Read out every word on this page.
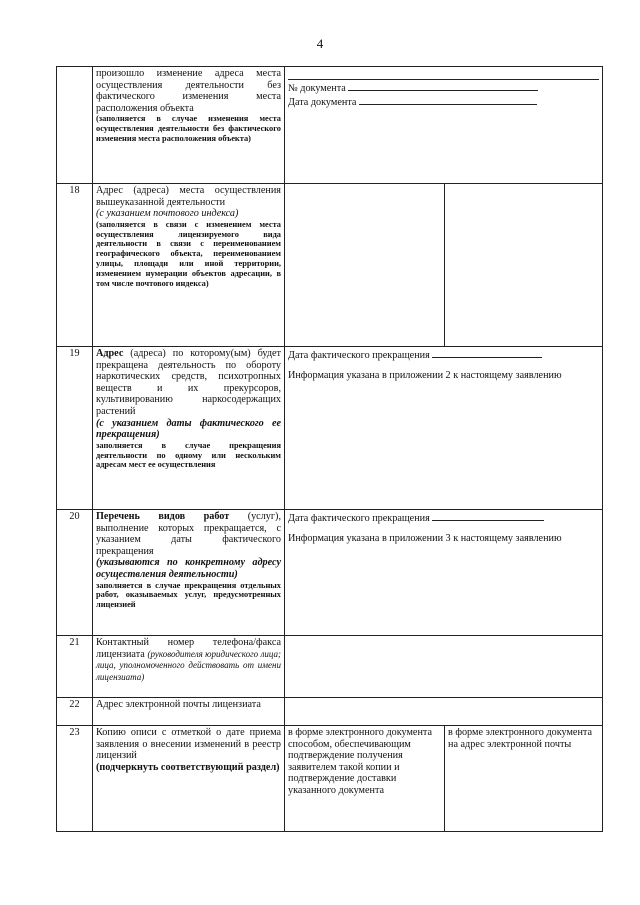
4

	произошло изменение адреса места осуществления деятельности без фактического изменения места расположения объекта
(заполняется в случае изменения места осуществления деятельности без фактического изменения места расположения объекта)	№ документа
Дата документа	
18	Адрес (адреса) места осуществления вышеуказанной деятельности
(с указанием почтового индекса)
(заполняется в связи с изменением места осуществления лицензируемого вида деятельности в связи с переименованием географического объекта, переименованием улицы, площади или иной территории, изменением нумерации объектов адресации, в том числе почтового индекса)		

19	Адрес (адреса) по которому(ым) будет прекращена деятельность по обороту наркотических средств, психотропных веществ и их прекурсоров, культивированию наркосодержащих растений
(с указанием даты фактического ее прекращения)
заполняется в случае прекращения деятельности по одному или нескольким адресам мест ее осуществления	Дата фактического прекращения
Информация указана в приложении 2 к настоящему заявлению	

20	Перечень видов работ (услуг), выполнение которых прекращается, с указанием даты фактического прекращения
(указываются по конкретному адресу осуществления деятельности)
заполняется в случае прекращения отдельных работ, оказываемых услуг, предусмотренных лицензией	Дата фактического прекращения
Информация указана в приложении 3 к настоящему заявлению	

21	Контактный номер телефона/факса лицензиата (руководителя юридического лица; лица, уполномоченного действовать от имени лицензиата)		
22	Адрес электронной почты лицензиата		
23	Копию описи с отметкой о дате приема заявления о внесении изменений в реестр лицензий
(подчеркнуть соответствующий раздел)	в форме электронного документа способом, обеспечивающим подтверждение получения заявителем такой копии и подтверждение доставки указанного документа	в форме электронного документа на адрес электронной почты
